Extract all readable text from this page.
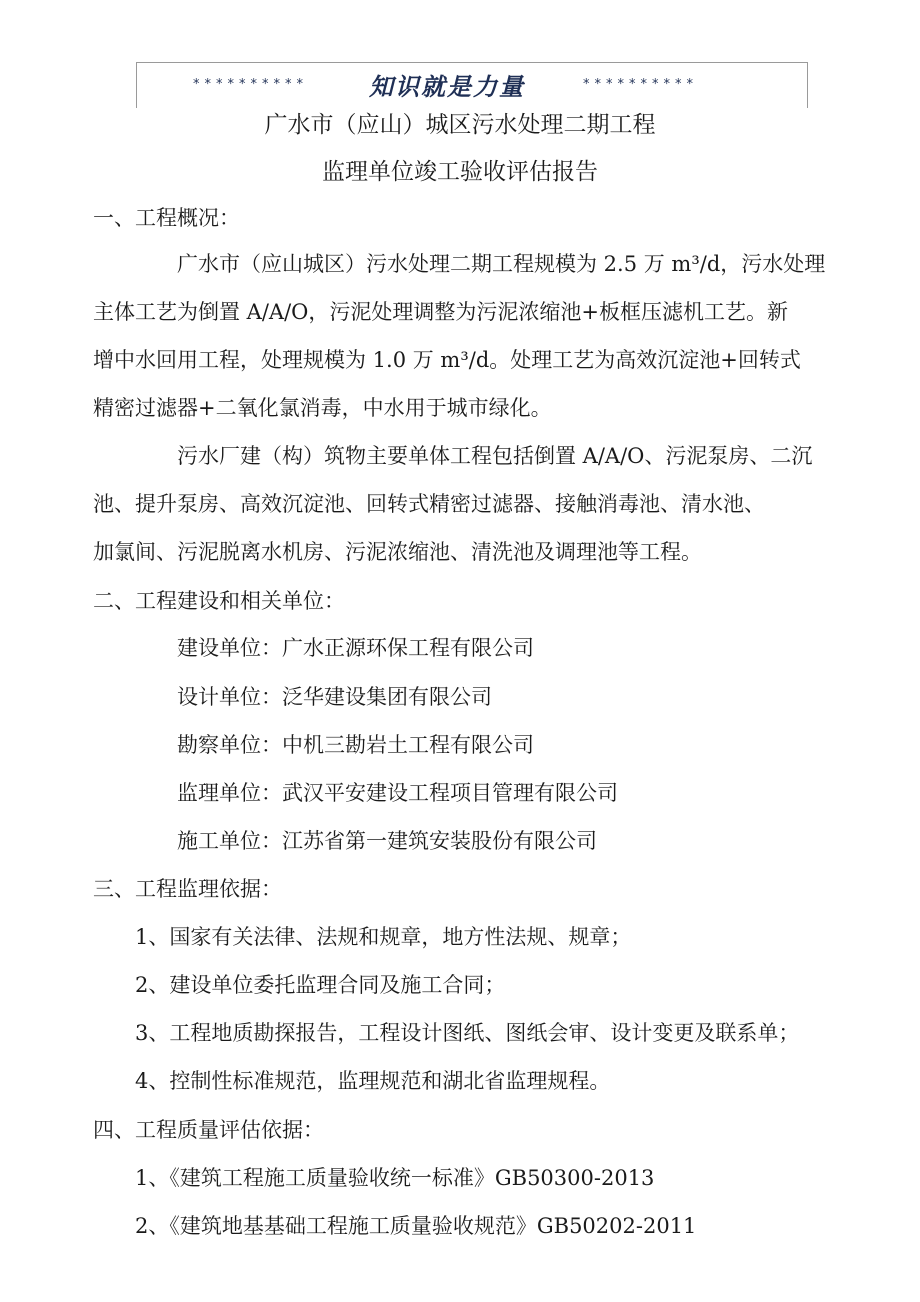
**********	知识就是力量	**********
广水市（应山）城区污水处理二期工程
监理单位竣工验收评估报告
一、工程概况：
广水市（应山城区）污水处理二期工程规模为 2.5 万 m³/d，污水处理
主体工艺为倒置 A/A/O，污泥处理调整为污泥浓缩池+板框压滤机工艺。新
增中水回用工程，处理规模为 1.0 万 m³/d。处理工艺为高效沉淀池+回转式
精密过滤器+二氧化氯消毒，中水用于城市绿化。
污水厂建（构）筑物主要单体工程包括倒置 A/A/O、污泥泵房、二沉
池、提升泵房、高效沉淀池、回转式精密过滤器、接触消毒池、清水池、
加氯间、污泥脱离水机房、污泥浓缩池、清洗池及调理池等工程。
二、工程建设和相关单位：
建设单位：广水正源环保工程有限公司
设计单位：泛华建设集团有限公司
勘察单位：中机三勘岩土工程有限公司
监理单位：武汉平安建设工程项目管理有限公司
施工单位：江苏省第一建筑安装股份有限公司
三、工程监理依据：
1、国家有关法律、法规和规章，地方性法规、规章；
2、建设单位委托监理合同及施工合同；
3、工程地质勘探报告，工程设计图纸、图纸会审、设计变更及联系单；
4、控制性标准规范，监理规范和湖北省监理规程。
四、工程质量评估依据：
1、《建筑工程施工质量验收统一标准》GB50300-2013
2、《建筑地基基础工程施工质量验收规范》GB50202-2011
